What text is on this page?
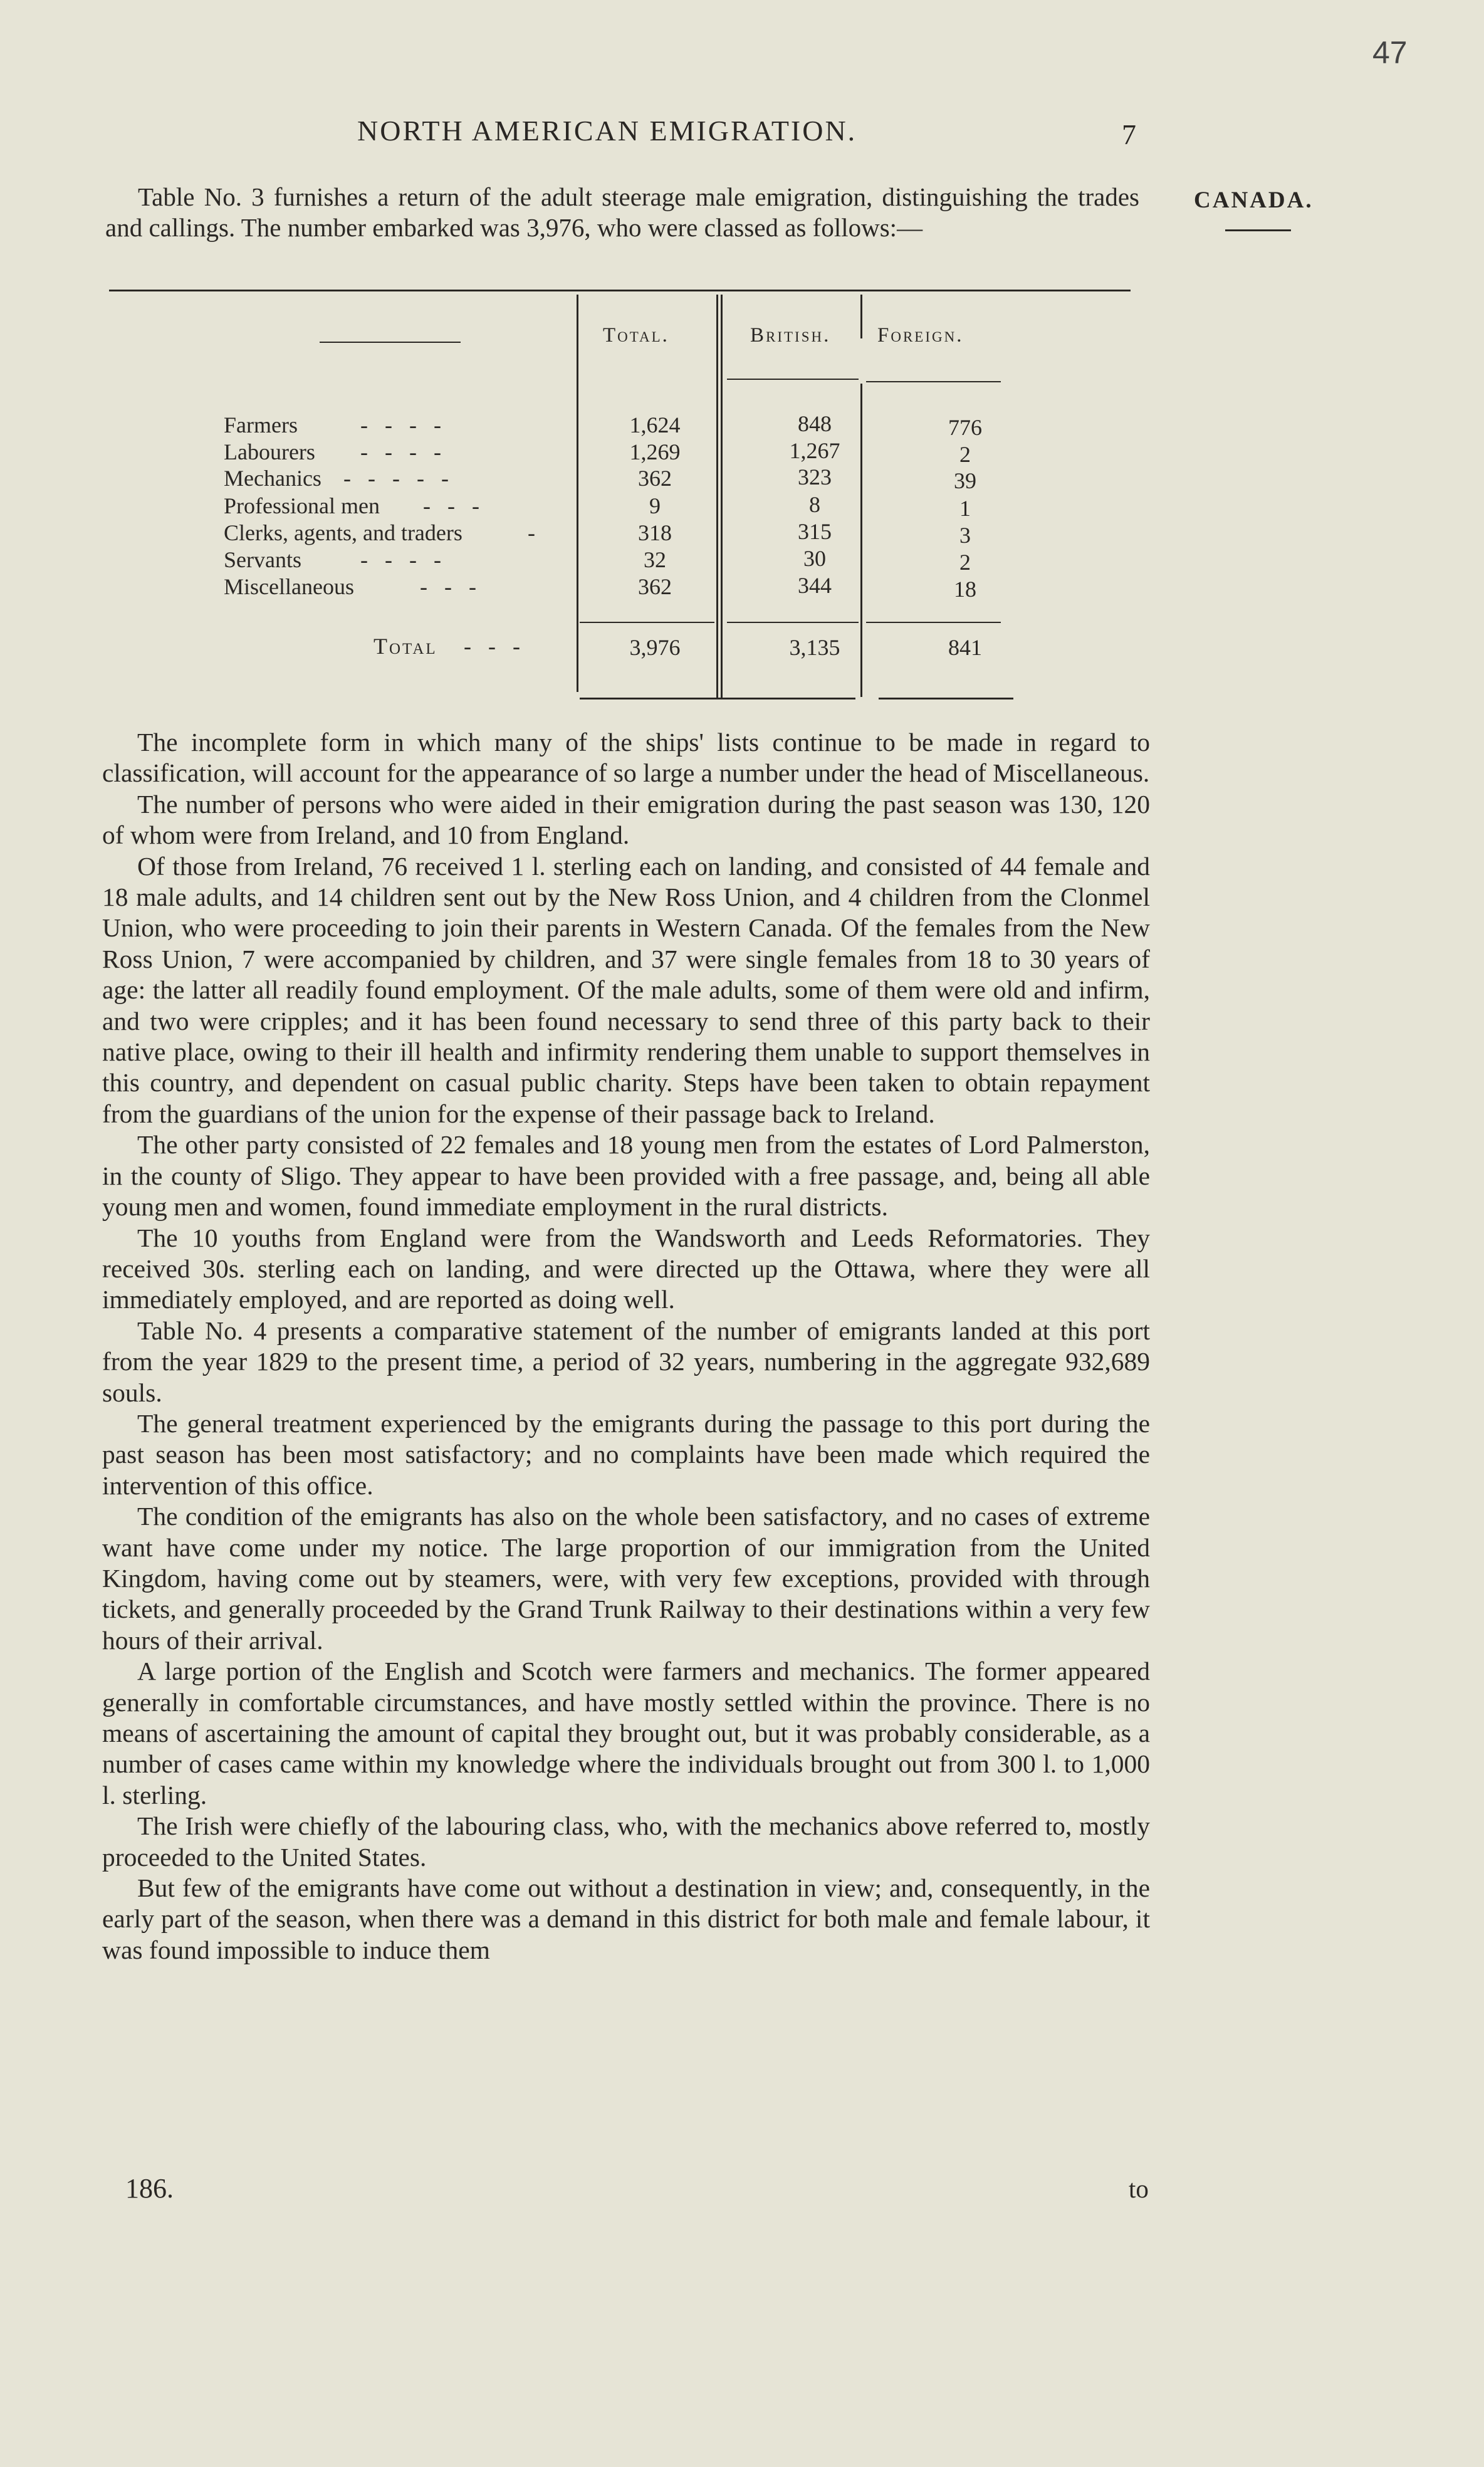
47
NORTH AMERICAN EMIGRATION.	7
CANADA.

Table No. 3 furnishes a return of the adult steerage male emigration, distinguishing the trades and callings. The number embarked was 3,976, who were classed as follows:—

Total.	British. Foreign.
Farmers	-   -   -   -	1,624	848	776
Labourers -   -   -   -	1,269	1,267	2
Mechanics -   -   -   -   -	362	323	39
Professional men -   -   -	9	8	1
Clerks, agents, and traders	-	318	315	3
Servants	-   -   -   -	32	30	2
Miscellaneous	-   -   -	362	344	18
Total -   -   -	3,976	3,135	841

The incomplete form in which many of the ships' lists continue to be made in regard to classification, will account for the appearance of so large a number under the head of Miscellaneous.

The number of persons who were aided in their emigration during the past season was 130, 120 of whom were from Ireland, and 10 from England.

Of those from Ireland, 76 received 1 l. sterling each on landing, and consisted of 44 female and 18 male adults, and 14 children sent out by the New Ross Union, and 4 children from the Clonmel Union, who were proceeding to join their parents in Western Canada. Of the females from the New Ross Union, 7 were accompanied by children, and 37 were single females from 18 to 30 years of age: the latter all readily found employment. Of the male adults, some of them were old and infirm, and two were cripples; and it has been found necessary to send three of this party back to their native place, owing to their ill health and infirmity rendering them unable to support themselves in this country, and dependent on casual public charity. Steps have been taken to obtain repayment from the guardians of the union for the expense of their passage back to Ireland.

The other party consisted of 22 females and 18 young men from the estates of Lord Palmerston, in the county of Sligo. They appear to have been provided with a free passage, and, being all able young men and women, found immediate employment in the rural districts.

The 10 youths from England were from the Wandsworth and Leeds Reformatories. They received 30s. sterling each on landing, and were directed up the Ottawa, where they were all immediately employed, and are reported as doing well.

Table No. 4 presents a comparative statement of the number of emigrants landed at this port from the year 1829 to the present time, a period of 32 years, numbering in the aggregate 932,689 souls.

The general treatment experienced by the emigrants during the passage to this port during the past season has been most satisfactory; and no complaints have been made which required the intervention of this office.

The condition of the emigrants has also on the whole been satisfactory, and no cases of extreme want have come under my notice. The large proportion of our immigration from the United Kingdom, having come out by steamers, were, with very few exceptions, provided with through tickets, and generally proceeded by the Grand Trunk Railway to their destinations within a very few hours of their arrival.

A large portion of the English and Scotch were farmers and mechanics. The former appeared generally in comfortable circumstances, and have mostly settled within the province. There is no means of ascertaining the amount of capital they brought out, but it was probably considerable, as a number of cases came within my knowledge where the individuals brought out from 300 l. to 1,000 l. sterling.

The Irish were chiefly of the labouring class, who, with the mechanics above referred to, mostly proceeded to the United States.

But few of the emigrants have come out without a destination in view; and, consequently, in the early part of the season, when there was a demand in this district for both male and female labour, it was found impossible to induce them

186.	to
